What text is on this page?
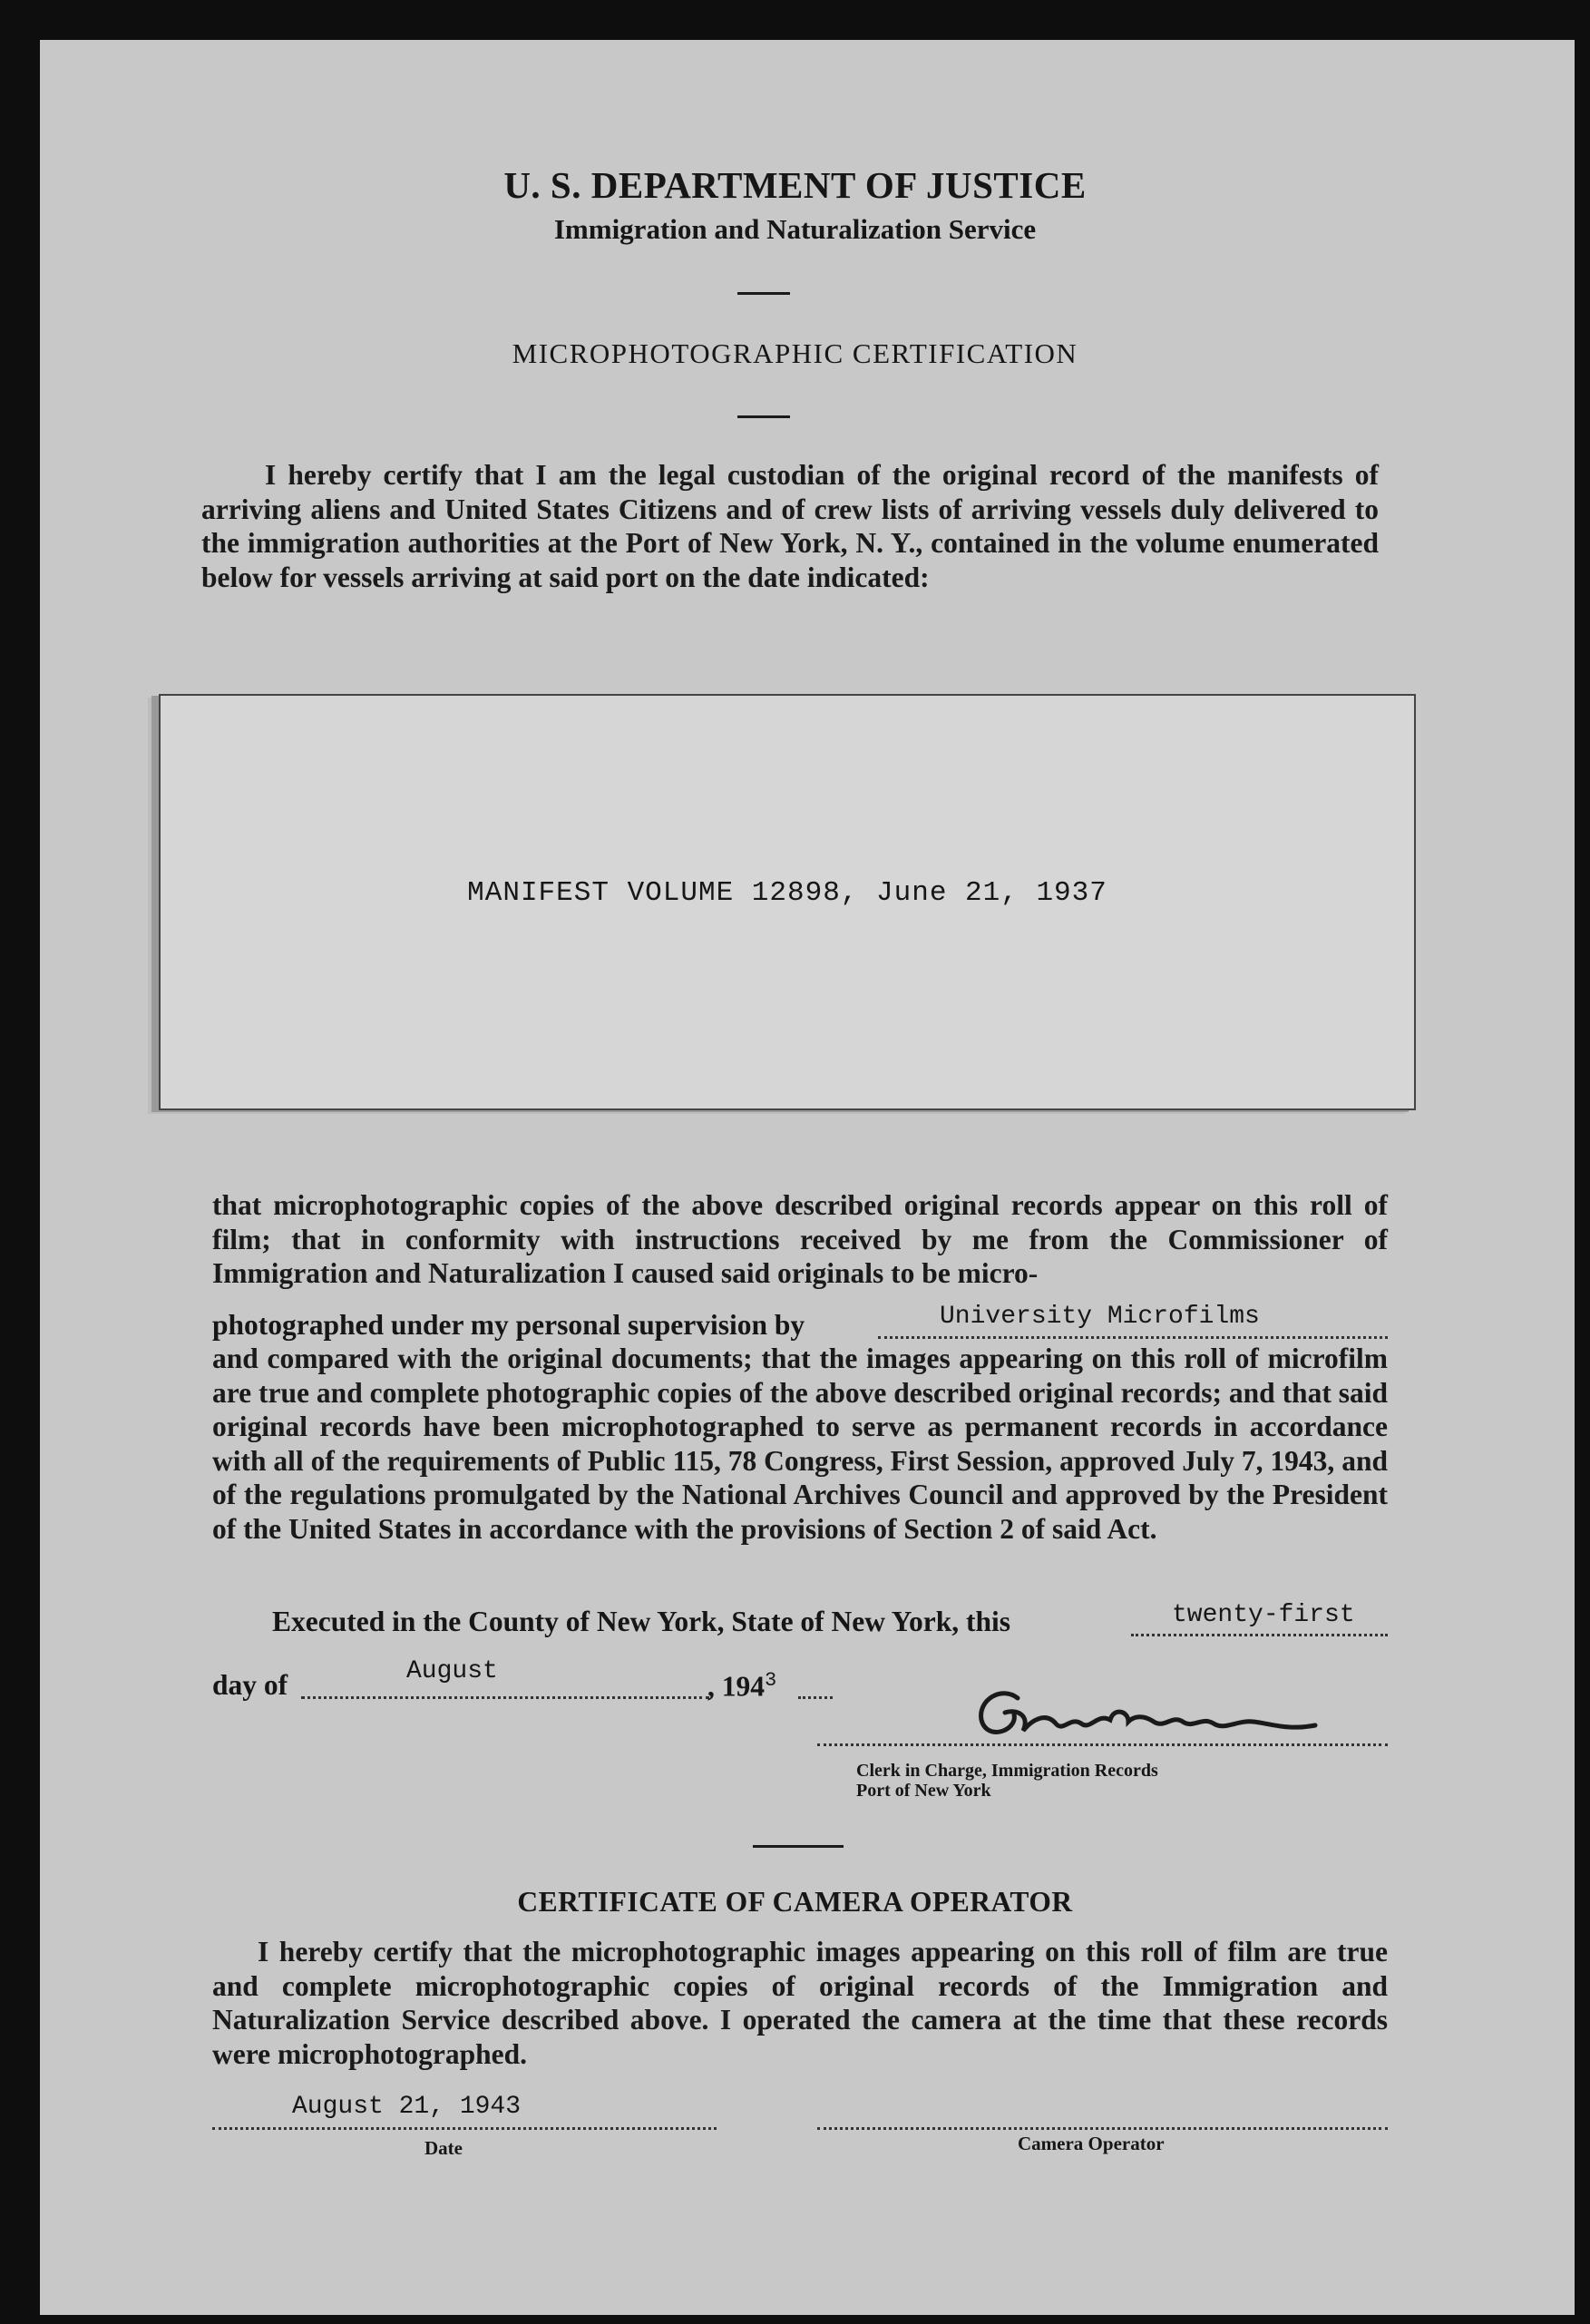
U. S. DEPARTMENT OF JUSTICE
Immigration and Naturalization Service
MICROPHOTOGRAPHIC CERTIFICATION

I hereby certify that I am the legal custodian of the original record of the manifests of arriving aliens and United States Citizens and of crew lists of arriving vessels duly delivered to the immigration authorities at the Port of New York, N. Y., contained in the volume enumerated below for vessels arriving at said port on the date indicated:

MANIFEST VOLUME 12898, June 21, 1937

that microphotographic copies of the above described original records appear on this roll of film; that in conformity with instructions received by me from the Commissioner of Immigration and Naturalization I caused said originals to be micro-

photographed under my personal supervision by	University Microfilms

and compared with the original documents; that the images appearing on this roll of microfilm are true and complete photographic copies of the above described original records; and that said original records have been microphotographed to serve as permanent records in accordance with all of the requirements of Public 115, 78 Congress, First Session, approved July 7, 1943, and of the regulations promulgated by the National Archives Council and approved by the President of the United States in accordance with the provisions of Section 2 of said Act.

Executed in the County of New York, State of New York, this	twenty-first
day of	August	, $194^3$
Clerk in Charge, Immigration Records
Port of New York
CERTIFICATE OF CAMERA OPERATOR

I hereby certify that the microphotographic images appearing on this roll of film are true and complete microphotographic copies of original records of the Immigration and Naturalization Service described above. I operated the camera at the time that these records were microphotographed.

August 21, 1943
Date	Camera Operator
